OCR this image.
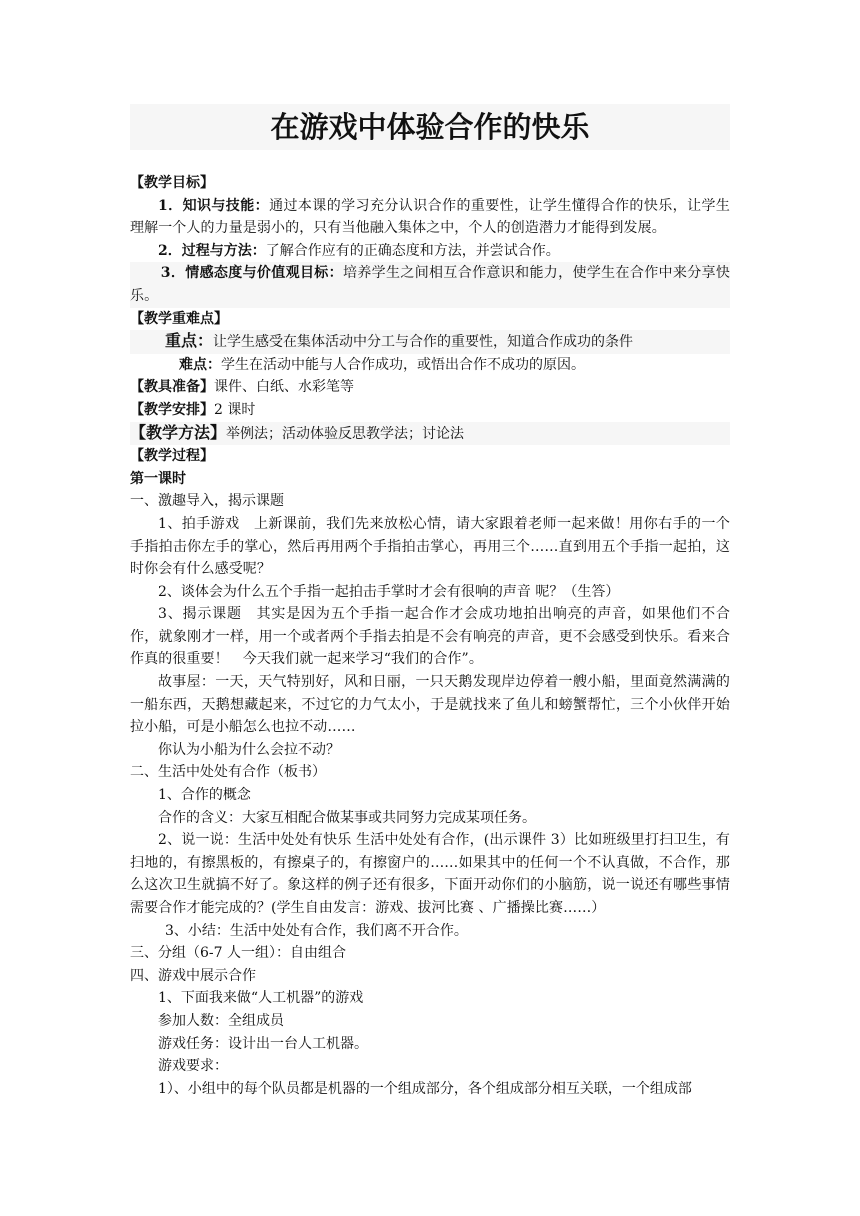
在游戏中体验合作的快乐

【教学目标】

1．知识与技能：通过本课的学习充分认识合作的重要性，让学生懂得合作的快乐，让学生理解一个人的力量是弱小的，只有当他融入集体之中，个人的创造潜力才能得到发展。

2．过程与方法：了解合作应有的正确态度和方法，并尝试合作。

3．情感态度与价值观目标：培养学生之间相互合作意识和能力，使学生在合作中来分享快乐。

【教学重难点】

重点：让学生感受在集体活动中分工与合作的重要性，知道合作成功的条件

难点：学生在活动中能与人合作成功，或悟出合作不成功的原因。

【教具准备】课件、白纸、水彩笔等

【教学安排】2 课时

【教学方法】举例法；活动体验反思教学法；讨论法

【教学过程】

第一课时

一、激趣导入，揭示课题

1、拍手游戏　上新课前，我们先来放松心情，请大家跟着老师一起来做！用你右手的一个手指拍击你左手的掌心，然后再用两个手指拍击掌心，再用三个……直到用五个手指一起拍，这时你会有什么感受呢？

2、谈体会为什么五个手指一起拍击手掌时才会有很响的声音 呢？（生答）

3、揭示课题　其实是因为五个手指一起合作才会成功地拍出响亮的声音，如果他们不合作，就象刚才一样，用一个或者两个手指去拍是不会有响亮的声音，更不会感受到快乐。看来合作真的很重要！　今天我们就一起来学习“我们的合作”。

故事屋：一天，天气特别好，风和日丽，一只天鹅发现岸边停着一艘小船，里面竟然满满的一船东西，天鹅想藏起来，不过它的力气太小，于是就找来了鱼儿和螃蟹帮忙，三个小伙伴开始拉小船，可是小船怎么也拉不动……

你认为小船为什么会拉不动？

二、生活中处处有合作（板书）

1、合作的概念

合作的含义：大家互相配合做某事或共同努力完成某项任务。

2、说一说：生活中处处有快乐 生活中处处有合作，(出示课件 3）比如班级里打扫卫生，有扫地的，有擦黑板的，有擦桌子的，有擦窗户的……如果其中的任何一个不认真做，不合作，那么这次卫生就搞不好了。象这样的例子还有很多，下面开动你们的小脑筋，说一说还有哪些事情需要合作才能完成的？(学生自由发言：游戏、拔河比赛 、广播操比赛……）

3、小结：生活中处处有合作，我们离不开合作。

三、分组（6-7 人一组）：自由组合

四、游戏中展示合作

1、下面我来做“人工机器”的游戏

参加人数：全组成员

游戏任务：设计出一台人工机器。

游戏要求：

1）、小组中的每个队员都是机器的一个组成部分，各个组成部分相互关联，一个组成部
